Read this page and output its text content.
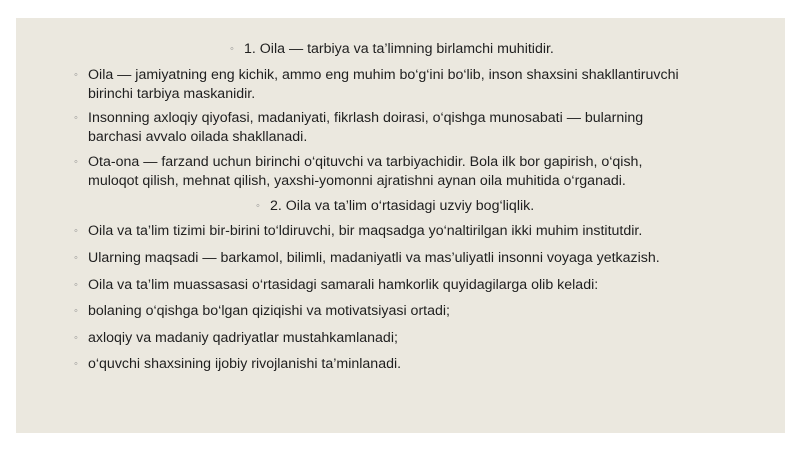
◦ 1. Oila — tarbiya va ta’limning birlamchi muhitidir.
◦ Oila — jamiyatning eng kichik, ammo eng muhim bo‘g‘ini bo‘lib, inson shaxsini shakllantiruvchi
birinchi tarbiya maskanidir.
◦ Insonning axloqiy qiyofasi, madaniyati, fikrlash doirasi, o‘qishga munosabati — bularning
barchasi avvalo oilada shakllanadi.
◦ Ota-ona — farzand uchun birinchi o‘qituvchi va tarbiyachidir. Bola ilk bor gapirish, o‘qish,
muloqot qilish, mehnat qilish, yaxshi-yomonni ajratishni aynan oila muhitida o‘rganadi.
◦ 2. Oila va ta’lim o‘rtasidagi uzviy bog‘liqlik.
◦ Oila va ta’lim tizimi bir-birini to‘ldiruvchi, bir maqsadga yo‘naltirilgan ikki muhim institutdir.
◦ Ularning maqsadi — barkamol, bilimli, madaniyatli va mas’uliyatli insonni voyaga yetkazish.
◦ Oila va ta’lim muassasasi o‘rtasidagi samarali hamkorlik quyidagilarga olib keladi:
◦ bolaning o‘qishga bo‘lgan qiziqishi va motivatsiyasi ortadi;
◦ axloqiy va madaniy qadriyatlar mustahkamlanadi;
◦ o‘quvchi shaxsining ijobiy rivojlanishi ta’minlanadi.
